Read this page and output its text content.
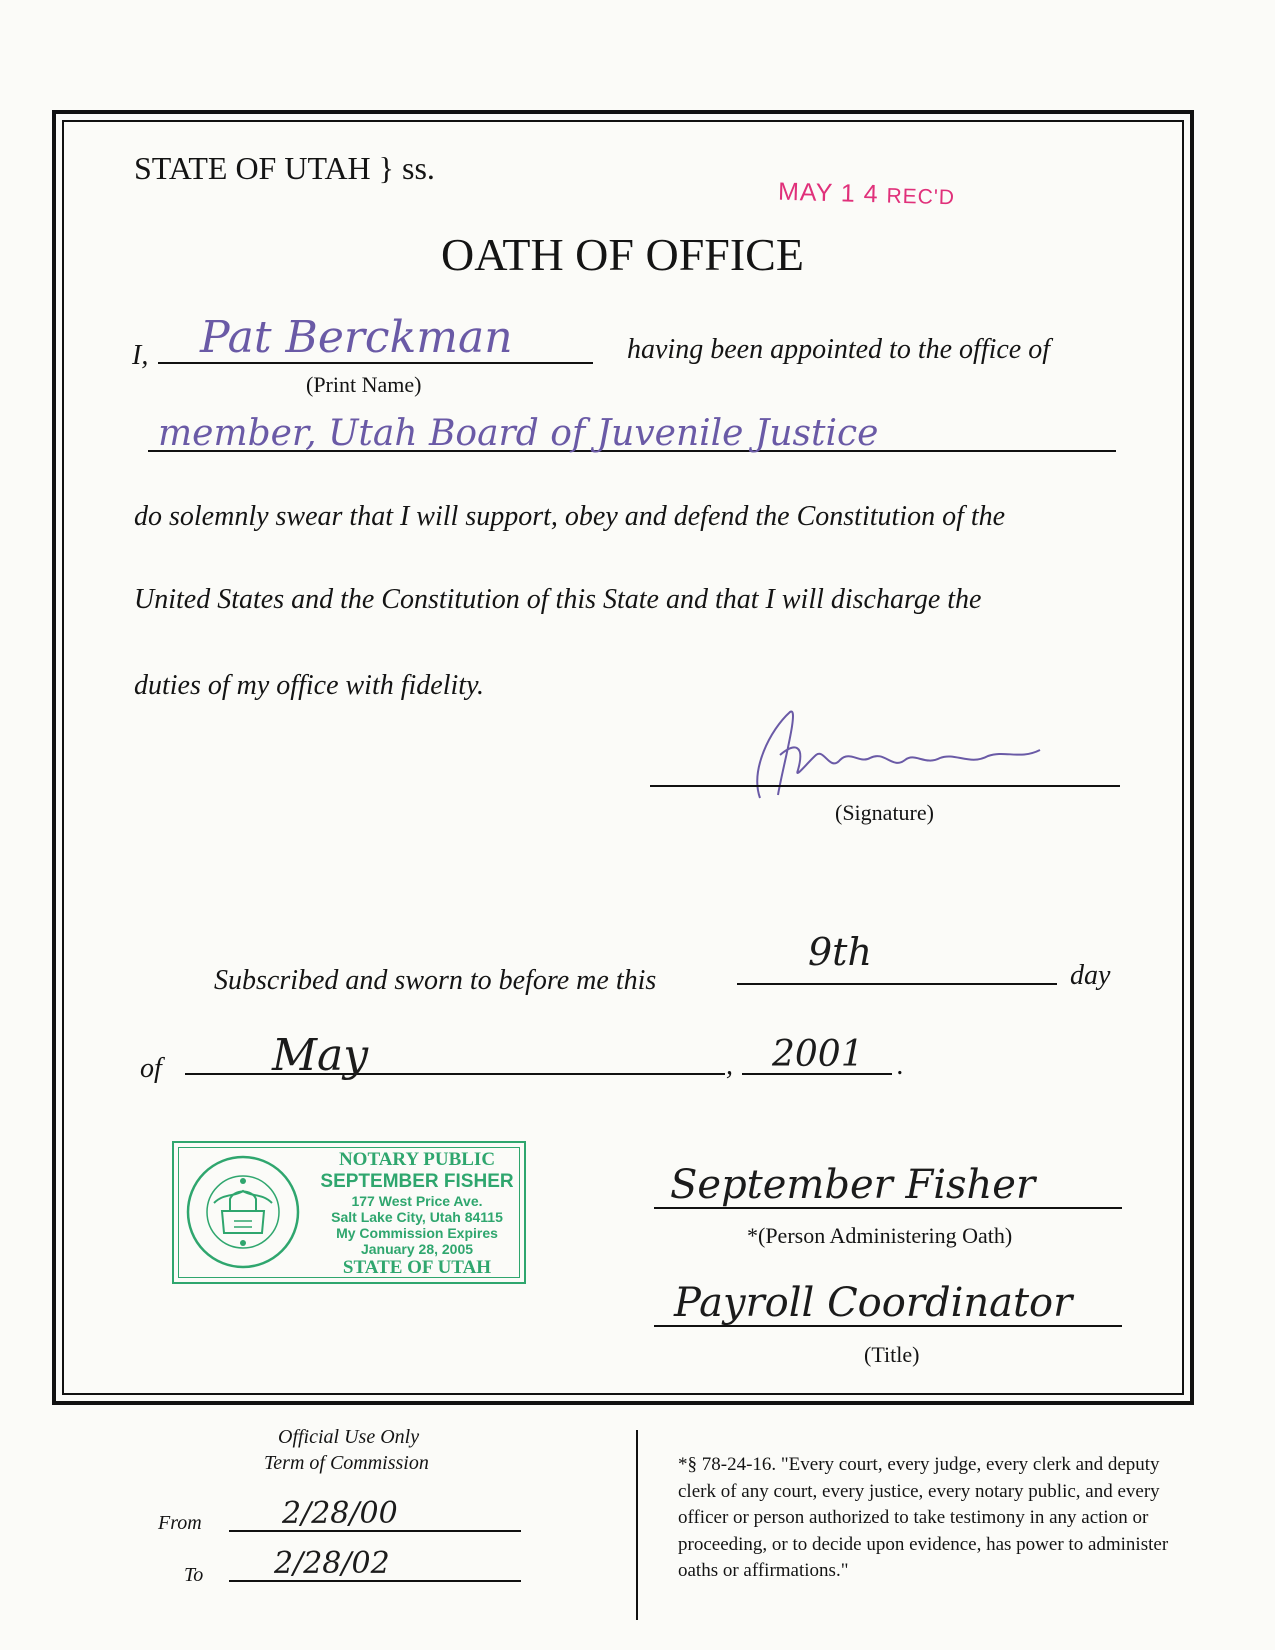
STATE OF UTAH } ss.
MAY 1 4 REC'D
OATH OF OFFICE
I, Pat Berckman
(Print Name)
having been appointed to the office of
member, Utah Board of Juvenile Justice
do solemnly swear that I will support, obey and defend the Constitution of the
United States and the Constitution of this State and that I will discharge the
duties of my office with fidelity.
(Signature)
Subscribed and sworn to before me this
9th
day
of	May	, 2001 .
NOTARY PUBLIC
SEPTEMBER FISHER
177 West Price Ave.
Salt Lake City, Utah 84115
My Commission Expires
January 28, 2005
STATE OF UTAH
September Fisher
*(Person Administering Oath)
Payroll Coordinator
(Title)
Official Use Only
Term of Commission
From	2/28/00
To 2/28/02
*§ 78-24-16. "Every court, every judge, every clerk and deputy clerk of any court, every justice, every notary public, and every officer or person authorized to take testimony in any action or proceeding, or to decide upon evidence, has power to administer oaths or affirmations."
